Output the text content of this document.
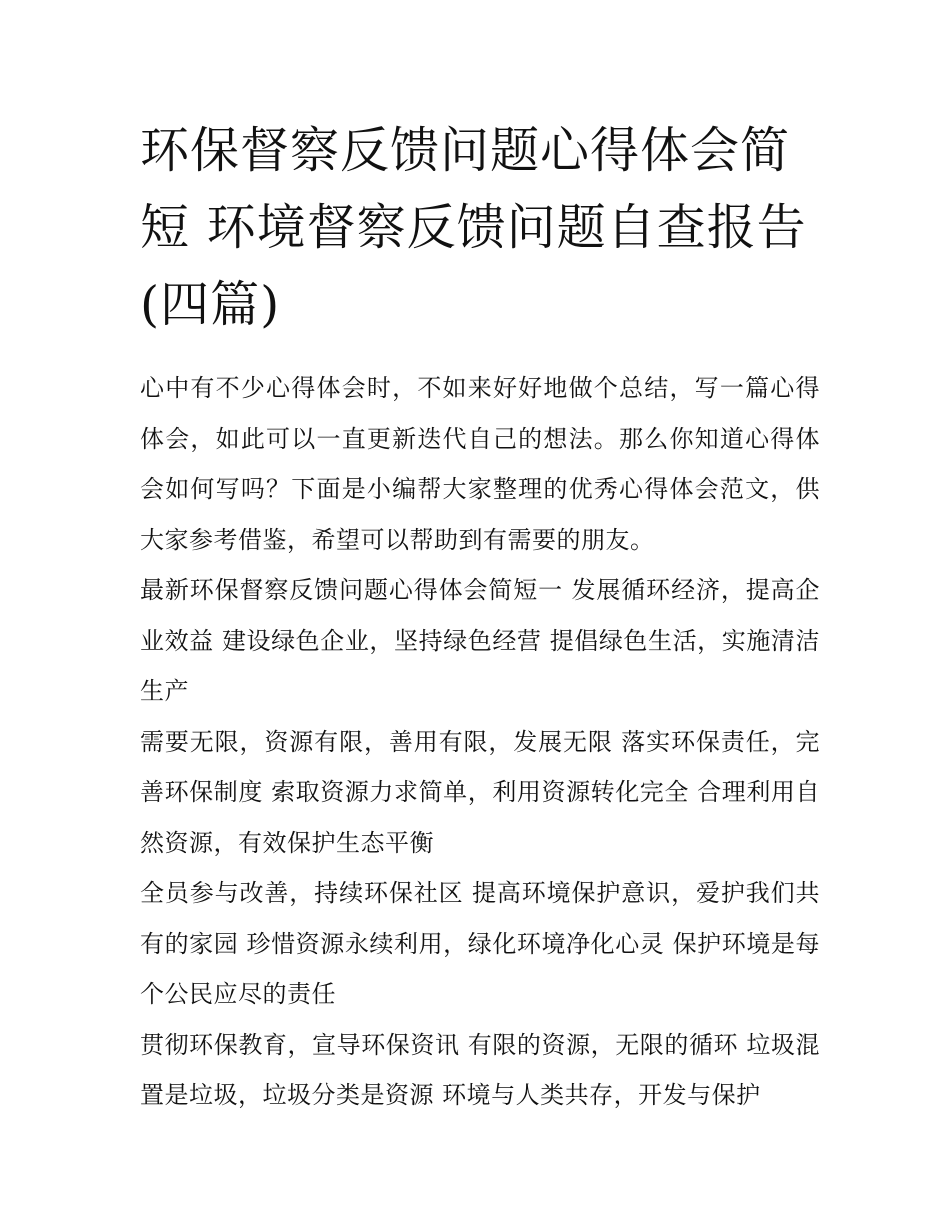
环保督察反馈问题心得体会简短 环境督察反馈问题自查报告(四篇)

心中有不少心得体会时，不如来好好地做个总结，写一篇心得体会，如此可以一直更新迭代自己的想法。那么你知道心得体会如何写吗？下面是小编帮大家整理的优秀心得体会范文，供大家参考借鉴，希望可以帮助到有需要的朋友。

最新环保督察反馈问题心得体会简短一 发展循环经济，提高企业效益 建设绿色企业，坚持绿色经营 提倡绿色生活，实施清洁生产

需要无限，资源有限，善用有限，发展无限 落实环保责任，完善环保制度 索取资源力求简单，利用资源转化完全 合理利用自然资源，有效保护生态平衡

全员参与改善，持续环保社区 提高环境保护意识，爱护我们共有的家园 珍惜资源永续利用，绿化环境净化心灵 保护环境是每个公民应尽的责任

贯彻环保教育，宣导环保资讯 有限的资源，无限的循环 垃圾混置是垃圾，垃圾分类是资源 环境与人类共存，开发与保护
